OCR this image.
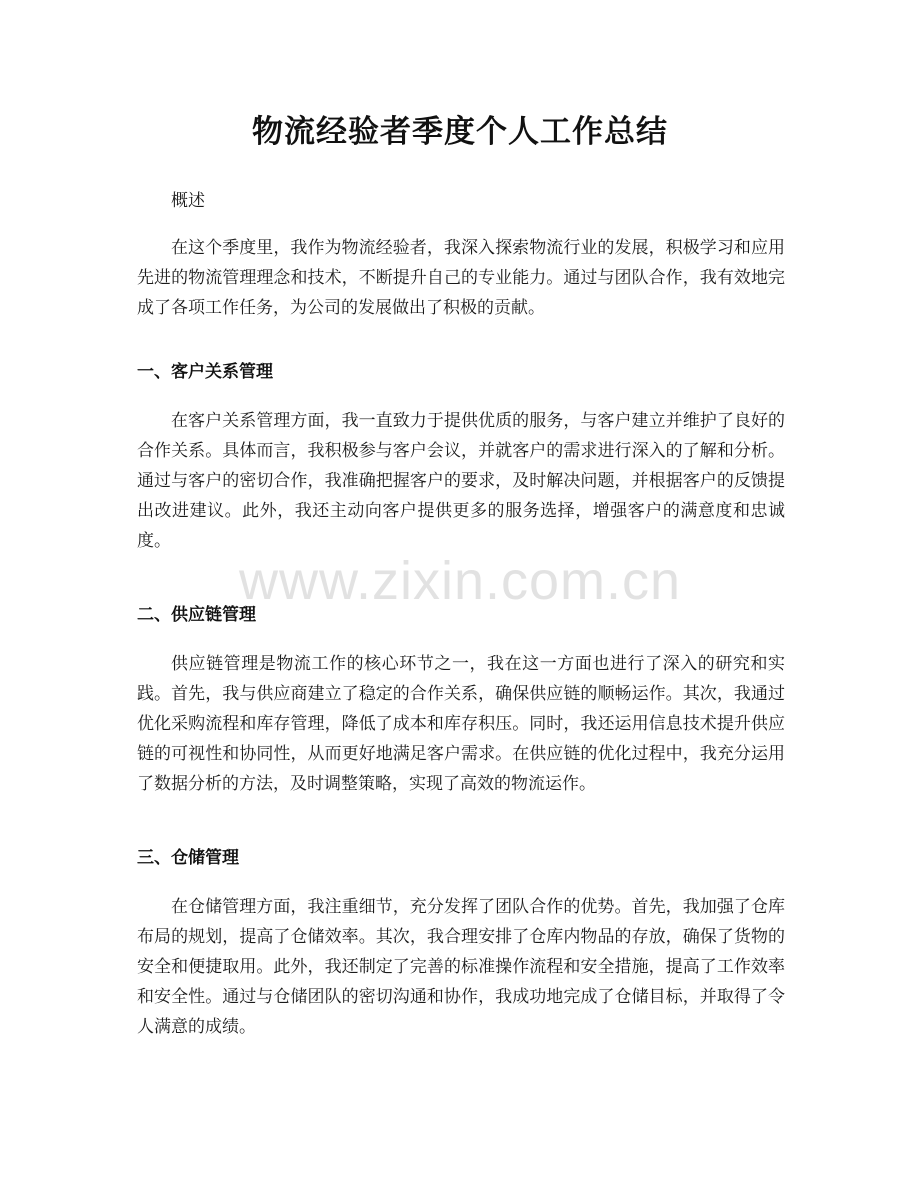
物流经验者季度个人工作总结

概述

在这个季度里，我作为物流经验者，我深入探索物流行业的发展，积极学习和应用先进的物流管理理念和技术，不断提升自己的专业能力。通过与团队合作，我有效地完成了各项工作任务，为公司的发展做出了积极的贡献。

一、客户关系管理

在客户关系管理方面，我一直致力于提供优质的服务，与客户建立并维护了良好的合作关系。具体而言，我积极参与客户会议，并就客户的需求进行深入的了解和分析。通过与客户的密切合作，我准确把握客户的要求，及时解决问题，并根据客户的反馈提出改进建议。此外，我还主动向客户提供更多的服务选择，增强客户的满意度和忠诚度。

二、供应链管理

供应链管理是物流工作的核心环节之一，我在这一方面也进行了深入的研究和实践。首先，我与供应商建立了稳定的合作关系，确保供应链的顺畅运作。其次，我通过优化采购流程和库存管理，降低了成本和库存积压。同时，我还运用信息技术提升供应链的可视性和协同性，从而更好地满足客户需求。在供应链的优化过程中，我充分运用了数据分析的方法，及时调整策略，实现了高效的物流运作。

三、仓储管理

在仓储管理方面，我注重细节，充分发挥了团队合作的优势。首先，我加强了仓库布局的规划，提高了仓储效率。其次，我合理安排了仓库内物品的存放，确保了货物的安全和便捷取用。此外，我还制定了完善的标准操作流程和安全措施，提高了工作效率和安全性。通过与仓储团队的密切沟通和协作，我成功地完成了仓储目标，并取得了令人满意的成绩。

www.zixin.com.cn
